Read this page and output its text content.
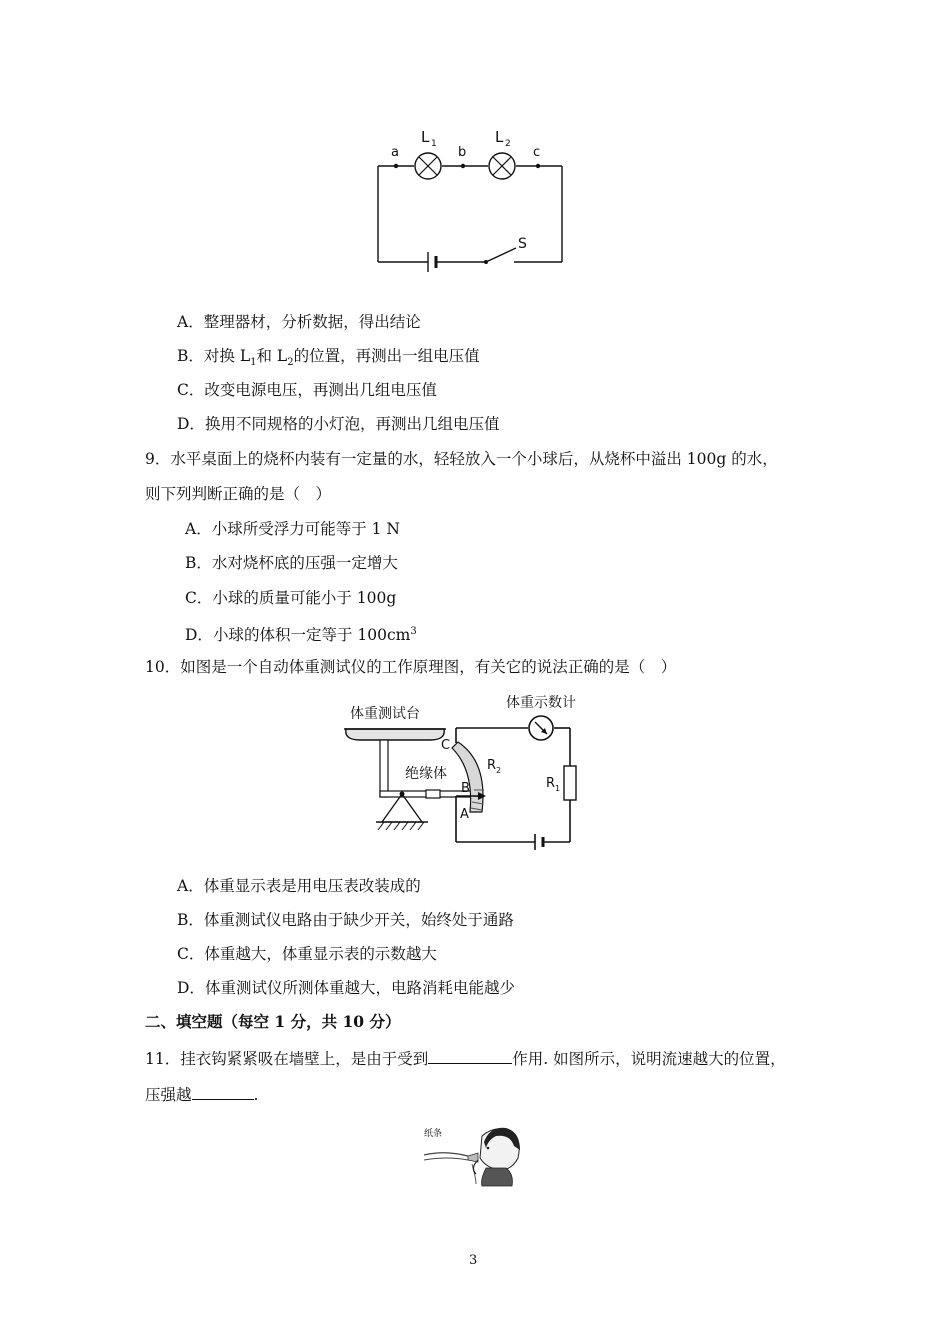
a	b	c
L 1	L 2
S
A．整理器材，分析数据，得出结论
B．对换 $L_1$和 $L_2$的位置，再测出一组电压值
C．改变电源电压，再测出几组电压值
D．换用不同规格的小灯泡，再测出几组电压值
9．水平桌面上的烧杯内装有一定量的水，轻轻放入一个小球后，从烧杯中溢出 100g 的水，
则下列判断正确的是（　）
A．小球所受浮力可能等于 1 N
B．水对烧杯底的压强一定增大
C．小球的质量可能小于 100g
D．小球的体积一定等于 $100cm^3$
10．如图是一个自动体重测试仪的工作原理图，有关它的说法正确的是（　）
体重测试台
体重示数计
绝缘体
C
B
A
R 2
R 1
A．体重显示表是用电压表改装成的
B．体重测试仪电路由于缺少开关，始终处于通路
C．体重越大，体重显示表的示数越大
D．体重测试仪所测体重越大，电路消耗电能越少
二、填空题（每空 1 分，共 10 分）
11．挂衣钩紧紧吸在墙壁上，是由于受到	作用. 如图所示，说明流速越大的位置，
压强越	.
纸条
3
